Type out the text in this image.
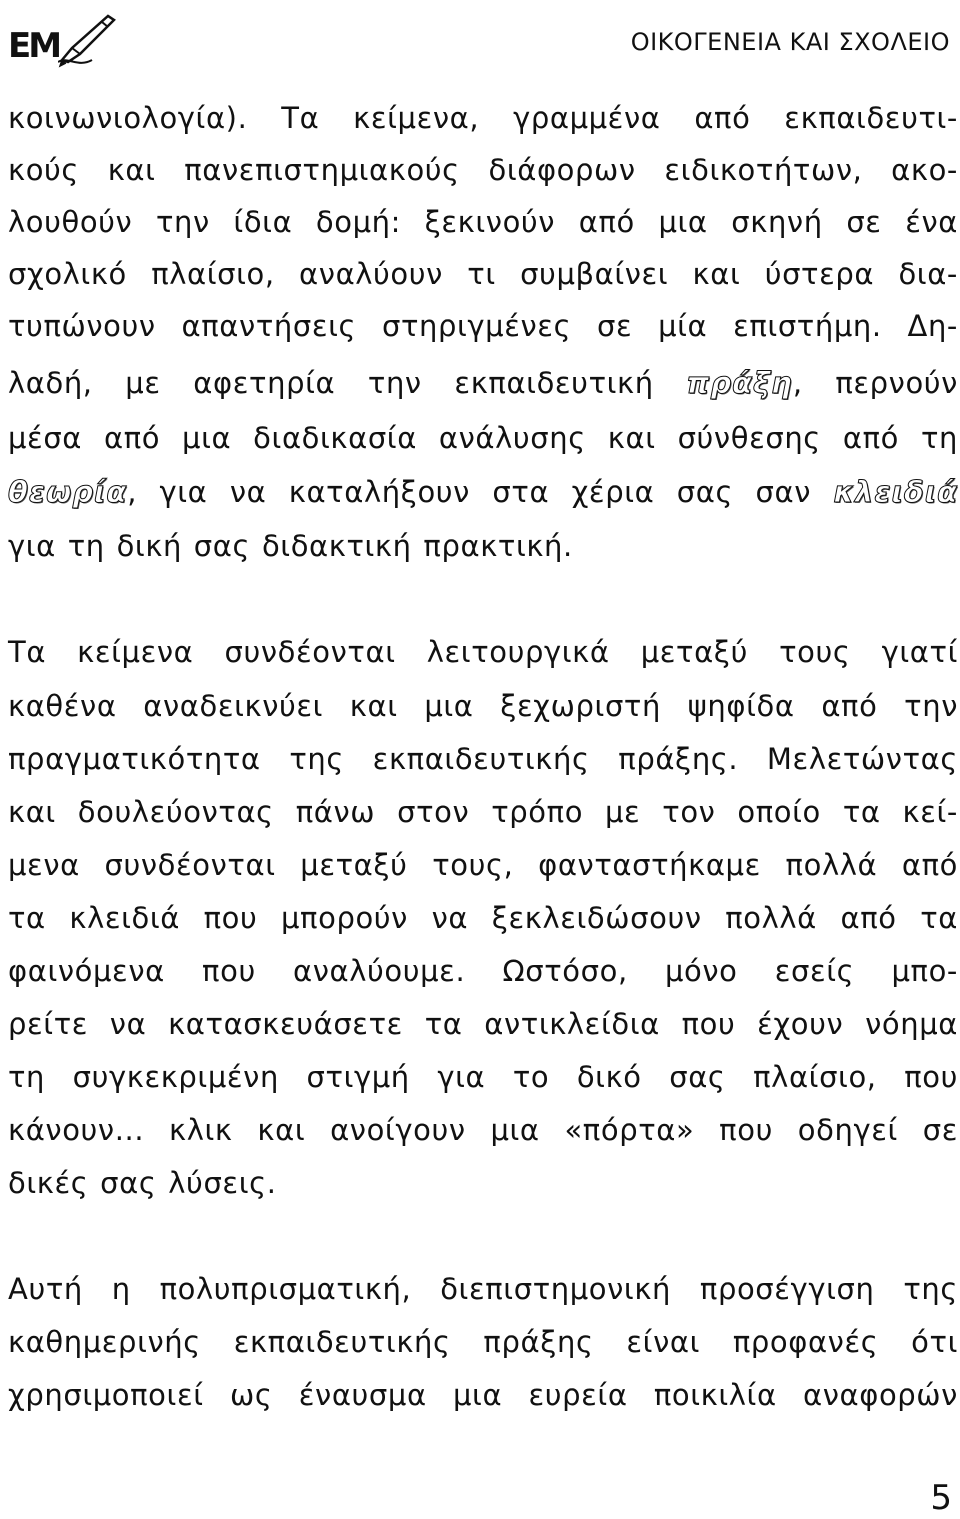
EM	ΟΙΚΟΓΕΝΕΙΑ ΚΑΙ ΣΧΟΛΕΙΟ
κοινωνιολογία). Τα κείμενα, γραμμένα από εκπαιδευτι-
κούς και πανεπιστημιακούς διάφορων ειδικοτήτων, ακο-
λουθούν την ίδια δομή: ξεκινούν από μια σκηνή σε ένα
σχολικό πλαίσιο, αναλύουν τι συμβαίνει και ύστερα δια-
τυπώνουν απαντήσεις στηριγμένες σε μία επιστήμη. Δη-
λαδή, με αφετηρία την εκπαιδευτική πράξη, περνούν
μέσα από μια διαδικασία ανάλυσης και σύνθεσης από τη
θεωρία, για να καταλήξουν στα χέρια σας σαν κλειδιά
για τη δική σας διδακτική πρακτική.
Τα κείμενα συνδέονται λειτουργικά μεταξύ τους γιατί
καθένα αναδεικνύει και μια ξεχωριστή ψηφίδα από την
πραγματικότητα της εκπαιδευτικής πράξης. Μελετώντας
και δουλεύοντας πάνω στον τρόπο με τον οποίο τα κεί-
μενα συνδέονται μεταξύ τους, φανταστήκαμε πολλά από
τα κλειδιά που μπορούν να ξεκλειδώσουν πολλά από τα
φαινόμενα που αναλύουμε. Ωστόσο, μόνο εσείς μπο-
ρείτε να κατασκευάσετε τα αντικλείδια που έχουν νόημα
τη συγκεκριμένη στιγμή για το δικό σας πλαίσιο, που
κάνουν... κλικ και ανοίγουν μια «πόρτα» που οδηγεί σε
δικές σας λύσεις.
Αυτή η πολυπρισματική, διεπιστημονική προσέγγιση της
καθημερινής εκπαιδευτικής πράξης είναι προφανές ότι
χρησιμοποιεί ως έναυσμα μια ευρεία ποικιλία αναφορών
5
